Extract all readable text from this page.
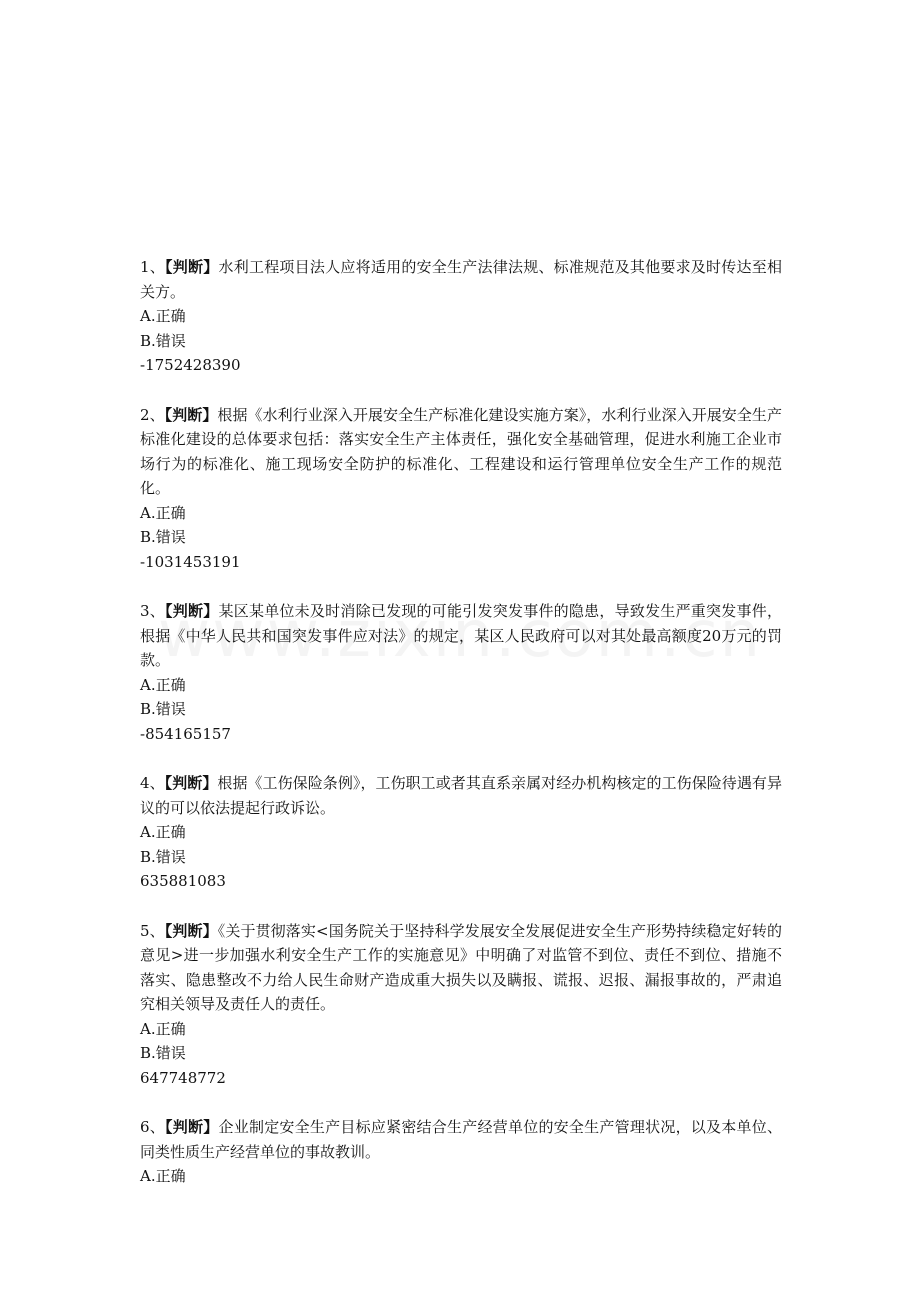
1、【判断】水利工程项目法人应将适用的安全生产法律法规、标准规范及其他要求及时传达至相关方。
A.正确
B.错误
-1752428390
2、【判断】根据《水利行业深入开展安全生产标准化建设实施方案》，水利行业深入开展安全生产标准化建设的总体要求包括：落实安全生产主体责任，强化安全基础管理，促进水利施工企业市场行为的标准化、施工现场安全防护的标准化、工程建设和运行管理单位安全生产工作的规范化。
A.正确
B.错误
-1031453191
3、【判断】某区某单位未及时消除已发现的可能引发突发事件的隐患，导致发生严重突发事件，根据《中华人民共和国突发事件应对法》的规定，某区人民政府可以对其处最高额度20万元的罚款。
A.正确
B.错误
-854165157
4、【判断】根据《工伤保险条例》，工伤职工或者其直系亲属对经办机构核定的工伤保险待遇有异议的可以依法提起行政诉讼。
A.正确
B.错误
635881083
5、【判断】《关于贯彻落实<国务院关于坚持科学发展安全发展促进安全生产形势持续稳定好转的意见>进一步加强水利安全生产工作的实施意见》中明确了对监管不到位、责任不到位、措施不落实、隐患整改不力给人民生命财产造成重大损失以及瞒报、谎报、迟报、漏报事故的，严肃追究相关领导及责任人的责任。
A.正确
B.错误
647748772
6、【判断】企业制定安全生产目标应紧密结合生产经营单位的安全生产管理状况，以及本单位、同类性质生产经营单位的事故教训。
A.正确
